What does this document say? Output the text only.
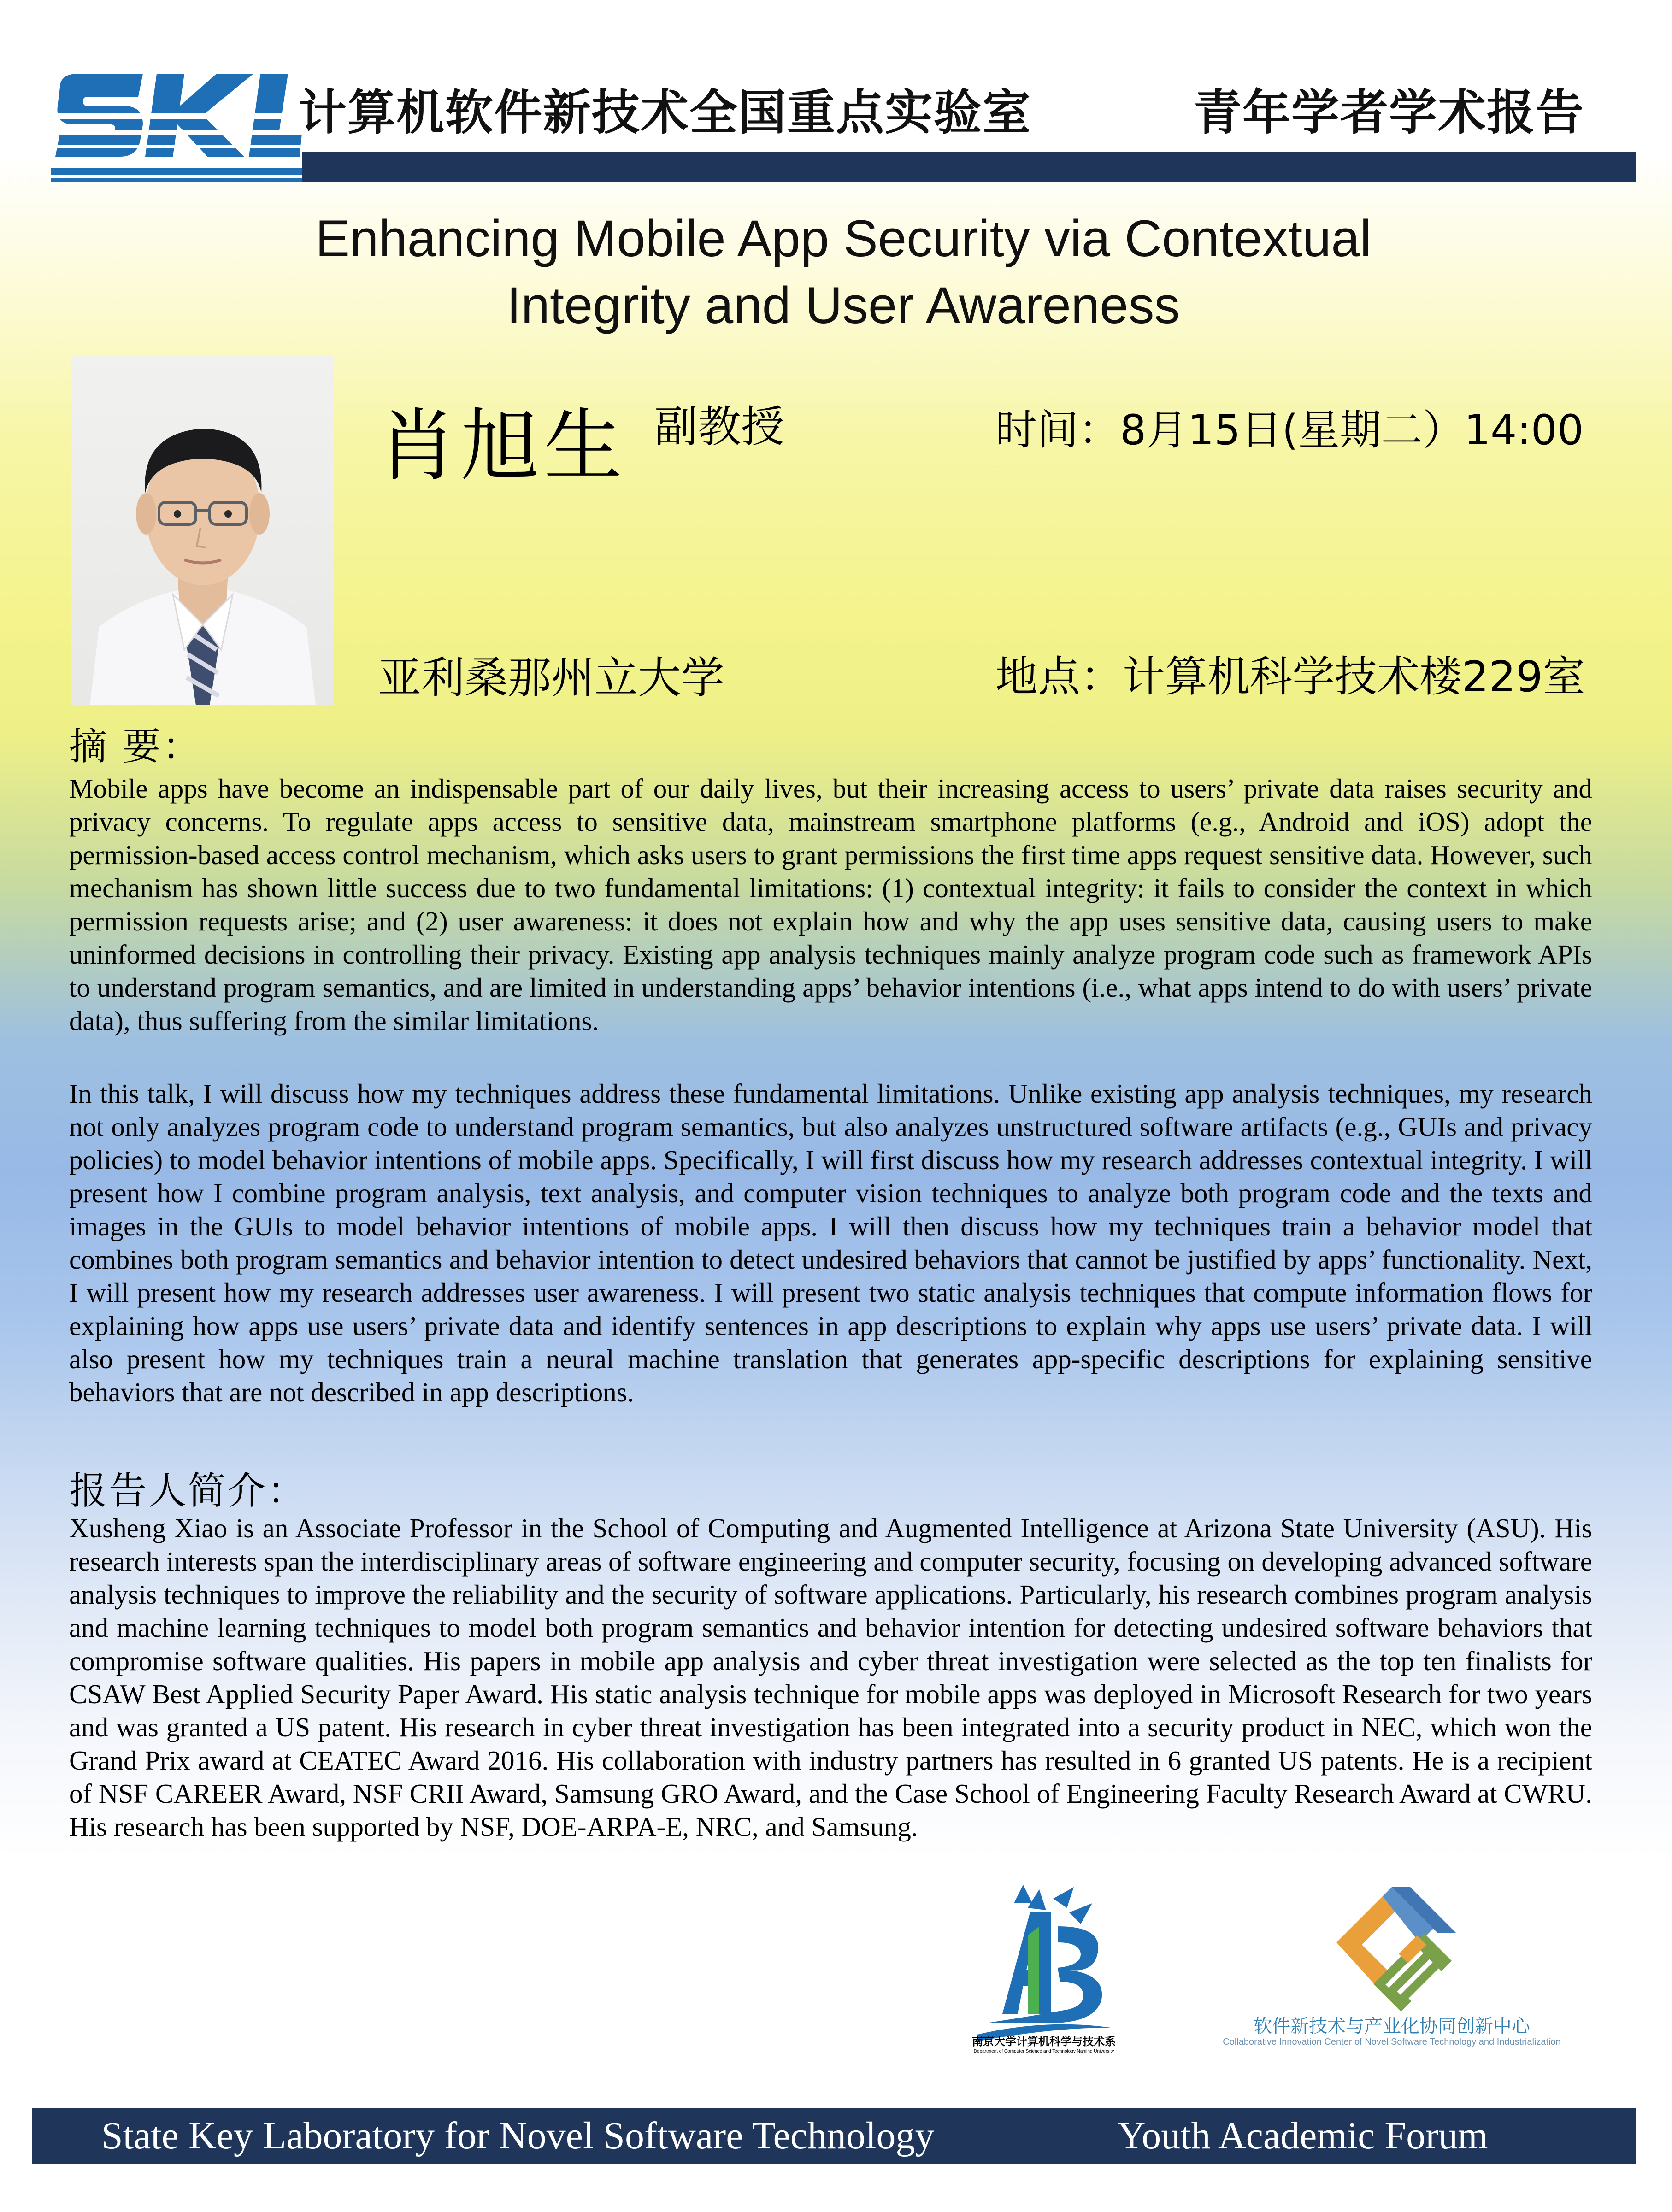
计算机软件新技术全国重点实验室	青年学者学术报告
Enhancing Mobile App Security via Contextual
Integrity and User Awareness
肖旭生 副教授	时间：8月15日(星期二）14:00
亚利桑那州立大学	地点：计算机科学技术楼229室
摘 要：
Mobile apps have become an indispensable part of our daily lives, but their increasing access to users’ private data raises security and privacy concerns. To regulate apps access to sensitive data, mainstream smartphone platforms (e.g., Android and iOS) adopt the permission-based access control mechanism, which asks users to grant permissions the first time apps request sensitive data. However, such mechanism has shown little success due to two fundamental limitations: (1) contextual integrity: it fails to consider the context in which permission requests arise; and (2) user awareness: it does not explain how and why the app uses sensitive data, causing users to make uninformed decisions in controlling their privacy. Existing app analysis techniques mainly analyze program code such as framework APIs to understand program semantics, and are limited in understanding apps’ behavior intentions (i.e., what apps intend to do with users’ private data), thus suffering from the similar limitations.
In this talk, I will discuss how my techniques address these fundamental limitations. Unlike existing app analysis techniques, my research not only analyzes program code to understand program semantics, but also analyzes unstructured software artifacts (e.g., GUIs and privacy policies) to model behavior intentions of mobile apps. Specifically, I will first discuss how my research addresses contextual integrity. I will present how I combine program analysis, text analysis, and computer vision techniques to analyze both program code and the texts and images in the GUIs to model behavior intentions of mobile apps. I will then discuss how my techniques train a behavior model that combines both program semantics and behavior intention to detect undesired behaviors that cannot be justified by apps’ functionality. Next, I will present how my research addresses user awareness. I will present two static analysis techniques that compute information flows for explaining how apps use users’ private data and identify sentences in app descriptions to explain why apps use users’ private data. I will also present how my techniques train a neural machine translation that generates app-specific descriptions for explaining sensitive behaviors that are not described in app descriptions.
报告人简介：
Xusheng Xiao is an Associate Professor in the School of Computing and Augmented Intelligence at Arizona State University (ASU). His research interests span the interdisciplinary areas of software engineering and computer security, focusing on developing advanced software analysis techniques to improve the reliability and the security of software applications. Particularly, his research combines program analysis and machine learning techniques to model both program semantics and behavior intention for detecting undesired software behaviors that compromise software qualities. His papers in mobile app analysis and cyber threat investigation were selected as the top ten finalists for CSAW Best Applied Security Paper Award. His static analysis technique for mobile apps was deployed in Microsoft Research for two years and was granted a US patent. His research in cyber threat investigation has been integrated into a security product in NEC, which won the Grand Prix award at CEATEC Award 2016. His collaboration with industry partners has resulted in 6 granted US patents. He is a recipient of NSF CAREER Award, NSF CRII Award, Samsung GRO Award, and the Case School of Engineering Faculty Research Award at CWRU. His research has been supported by NSF, DOE-ARPA-E, NRC, and Samsung.
南京大学计算机科学与技术系
Department of Computer Science and Technology Nanjing University
软件新技术与产业化协同创新中心
Collaborative Innovation Center of Novel Software Technology and Industrialization
State Key Laboratory for Novel Software Technology	Youth Academic Forum
